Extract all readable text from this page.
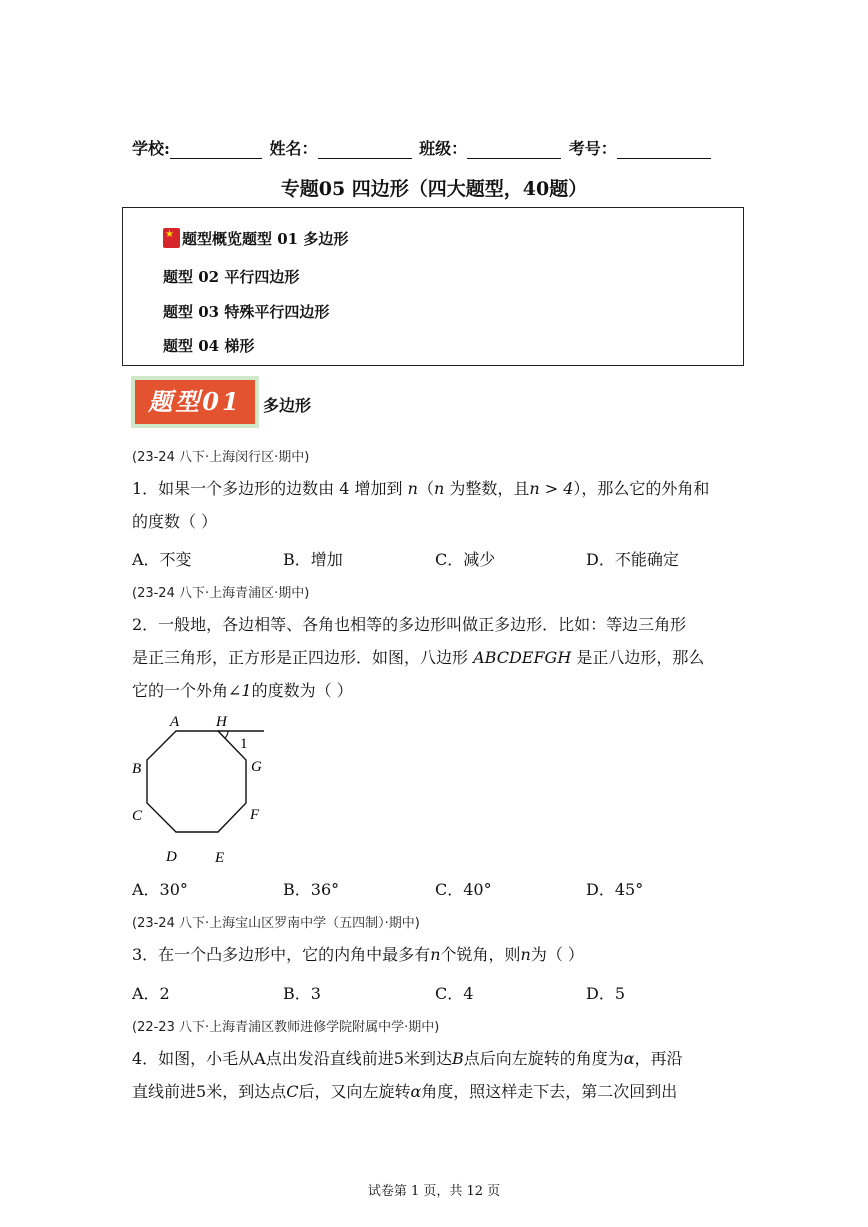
学校:	姓名：	班级：	考号：
专题05 四边形（四大题型，40题）
★题型概览题型 01 多边形
题型 02 平行四边形
题型 03 特殊平行四边形
题型 04 梯形
题型01	多边形
(23-24 八下·上海闵行区·期中)
1．如果一个多边形的边数由 4 增加到 n（n 为整数，且n > 4），那么它的外角和
的度数（ ）
A．不变	B．增加	C．减少	D．不能确定
(23-24 八下·上海青浦区·期中)
2．一般地，各边相等、各角也相等的多边形叫做正多边形．比如：等边三角形
是正三角形，正方形是正四边形．如图，八边形 ABCDEFGH 是正八边形，那么
它的一个外角∠1的度数为（ ）
A H
1
B	G
C	F
D	E
A．30°	B．36°	C．40°	D．45°
(23-24 八下·上海宝山区罗南中学（五四制）·期中)
3．在一个凸多边形中，它的内角中最多有n个锐角，则n为（ ）
A．2	B．3	C．4	D．5
(22-23 八下·上海青浦区教师进修学院附属中学·期中)
4．如图，小毛从A点出发沿直线前进5米到达B点后向左旋转的角度为α，再沿
直线前进5米，到达点C后，又向左旋转α角度，照这样走下去，第二次回到出
试卷第 1 页，共 12 页
